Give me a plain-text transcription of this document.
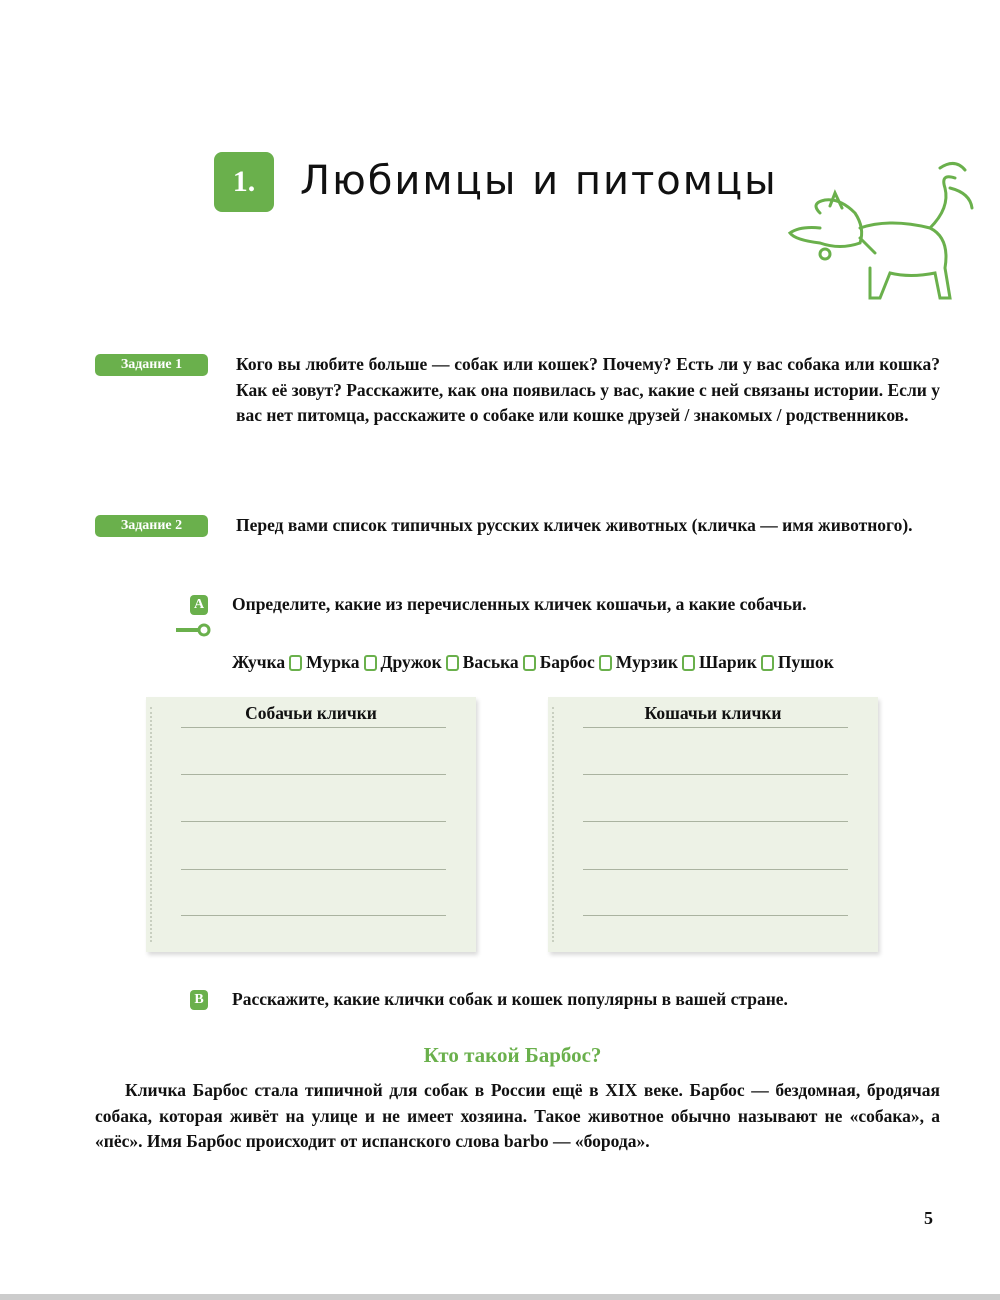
1.	Любимцы и питомцы
Задание 1	Кого вы любите больше — собак или кошек? Почему? Есть ли у вас собака или кошка? Как её зовут? Расскажите, как она появилась у вас, какие с ней связаны истории. Если у вас нет питомца, расскажите о собаке или кошке друзей / знакомых / родственников.
Задание 2	Перед вами список типичных русских кличек животных (кличка — имя животного).
А Определите, какие из перечисленных кличек кошачьи, а какие собачьи.
Жучка Мурка Дружок Васька Барбос Мурзик Шарик Пушок
Собачьи клички	Кошачьи клички
В Расскажите, какие клички собак и кошек популярны в вашей стране.
Кто такой Барбос?
Кличка Барбос стала типичной для собак в России ещё в XIX веке. Барбос — бездомная, бродячая собака, которая живёт на улице и не имеет хозяина. Такое животное обычно называют не «собака», а «пёс». Имя Барбос происходит от испанского слова barbo — «борода».
5
